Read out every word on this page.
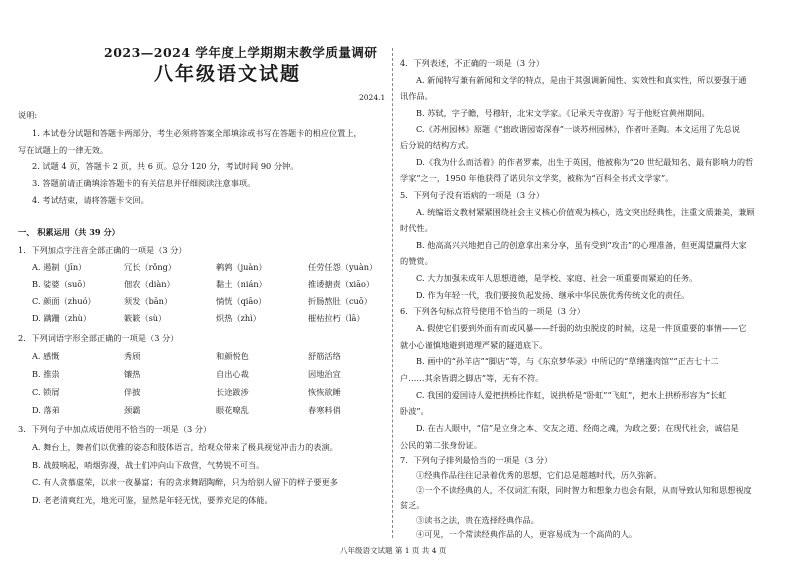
2023—2024 学年度上学期期末教学质量调研
八年级语文试题
2024.1
说明:
1. 本试卷分试题和答题卡两部分，考生必须将答案全部填涂或书写在答题卡的相应位置上，
写在试题上的一律无效。
2. 试题 4 页，答题卡 2 页，共 6 页。总分 120 分，考试时间 90 分钟。
3. 答题前请正确填涂答题卡的有关信息并仔细阅读注意事项。
4. 考试结束，请将答题卡交回。
一、 积累运用（共 39 分）
1．下列加点字注音全部正确的一项是（3 分）
A. 遏制（jīn）	冗长（rǒng）	鹌鹑（juàn）	任劳任怨（yuàn）
B. 娑婆（suō）	佃农（diàn）	黏土（nián）	推诿搪责（xiāo）
C. 颜面（zhuó）	须发（bān）	惝恍（qiāo）	折肠熬肚（cuō）
D. 蹒跚（zhù）	簌簌（sù）	炽热（zhì）	摧枯拉朽（lā）
2．下列词语字形全部正确的一项是（3 分）
A. 感慨	秀颀	和颜悦色	舒筋活络
B. 推祟	镶热	自出心裁	因地治宜
C. 锁屑	伴披	长途跋涉	恢恢欲睡
D. 落弟	颈霸	眼花嘹乱	春寒料俏
3．下列句子中加点成语使用不恰当的一项是（3 分）
A. 舞台上，舞者们以优雅的姿态和肢体语言，给观众带来了极具视觉冲击力的表演。
B. 战鼓响起，哨烟弥漫，战士们冲向山下敌营，气势锐不可当。
C. 有人贪慕虚荣，以求一夜暴富；有的贪求舞蹈陶醉，只为给别人留下的样子要更多
D. 老老清爽红光，地光可鉴，显然是年轻无忧，要养充足的体能。
4．下列表述，不正确的一项是（3 分）
A. 新闻特写兼有新闻和文学的特点，是由于其强调新闻性、实效性和真实性，所以要强于通
讯作品。
B. 苏轼，字子瞻，号穆轩，北宋文学家。《记承天寺夜游》写于他贬官黄州期间。
C.《苏州园林》原题《“拙政谐园寄深春”一谈苏州园林》，作者叶圣陶。本文运用了先总说
后分说的结构方式。
D.《我为什么而活着》的作者罗素，出生于英国，他被称为“20 世纪最知名、最有影响力的哲
学家”之一，1950 年他获得了诺贝尔文学奖，被称为“百科全书式文学家”。
5．下列句子没有语病的一项是（3 分）
A. 统编语文教材紧紧围绕社会主义核心价值观为核心，选文突出经典性，注重文质兼美，兼顾
时代性。
B. 他高高兴兴地把自己的创意拿出来分享，虽有受到“攻击”的心理准备，但更渴望赢得大家
的赞赏。
C. 大力加强未成年人思想道德，是学校、家庭、社会一项重要而紧迫的任务。
D. 作为年轻一代，我们要接负起发扬、继承中华民族优秀传统文化的责任。
6．下列各句标点符号使用不恰当的一项是（3 分）
A. 假使它们要到外面有而或风暴——纤弱的幼虫脱皮的时候，这是一件顶重要的事情——它
就小心谨慎地避到道理严紧的隧道底下。
B. 画中的“孙羊店”“脚店”等，与《东京梦华录》中所记的“草缮篷肉馆”“正吉七十二
户……其余皆谓之脚店”等，无有不符。
C. 我国的爱国诗人爱把拱桥比作虹，说拱桥是“卧虹”“飞虹”，把水上拱桥形容为“长虹
卧波”。
D. 在古人眼中，“信”是立身之本、交友之道、经商之魂，为政之要；在现代社会，诚信是
公民的第二张身份证。
7．下列句子排列最恰当的一项是（3 分）
①经典作品往往记录着优秀的思想，它们总是超越时代，历久弥新。
②一个不读经典的人，不仅词汇有限，同时智力和想象力也会有限，从而导致认知和思想视度
贫乏。
③读书之法，贵在选择经典作品。
④可见，一个常读经典作品的人，更容易成为一个高尚的人。
八年级语文试题 第 1 页 共 4 页
